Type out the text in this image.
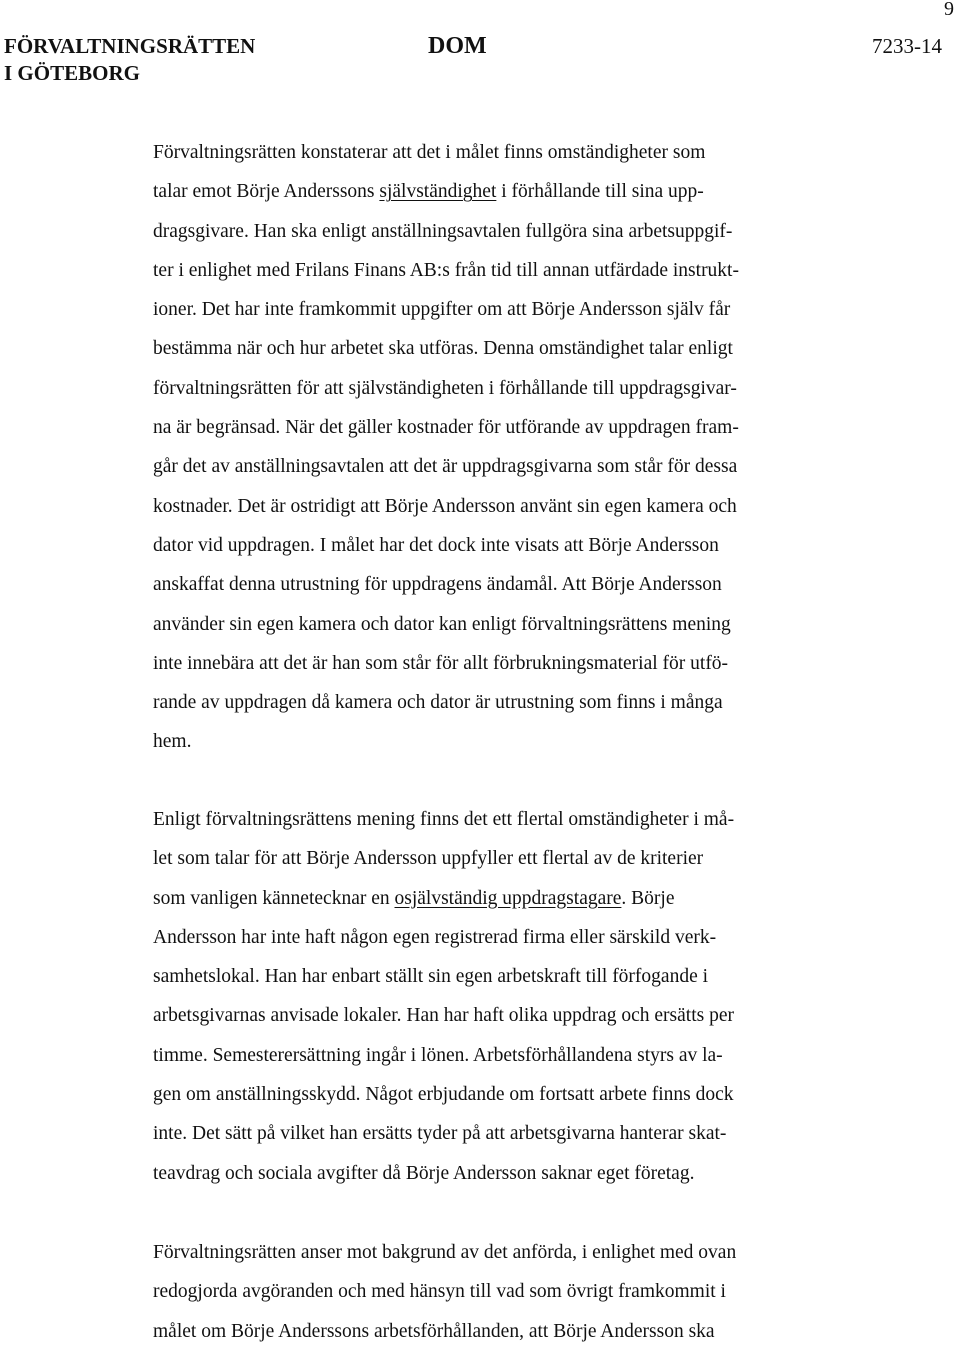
9
FÖRVALTNINGSRÄTTEN
I GÖTEBORG
DOM	7233-14
Förvaltningsrätten konstaterar att det i målet finns omständigheter som
talar emot Börje Anderssons självständighet i förhållande till sina upp-
dragsgivare. Han ska enligt anställningsavtalen fullgöra sina arbetsuppgif-
ter i enlighet med Frilans Finans AB:s från tid till annan utfärdade instrukt-
ioner. Det har inte framkommit uppgifter om att Börje Andersson själv får
bestämma när och hur arbetet ska utföras. Denna omständighet talar enligt
förvaltningsrätten för att självständigheten i förhållande till uppdragsgivar-
na är begränsad. När det gäller kostnader för utförande av uppdragen fram-
går det av anställningsavtalen att det är uppdragsgivarna som står för dessa
kostnader. Det är ostridigt att Börje Andersson använt sin egen kamera och
dator vid uppdragen. I målet har det dock inte visats att Börje Andersson
anskaffat denna utrustning för uppdragens ändamål. Att Börje Andersson
använder sin egen kamera och dator kan enligt förvaltningsrättens mening
inte innebära att det är han som står för allt förbrukningsmaterial för utfö-
rande av uppdragen då kamera och dator är utrustning som finns i många
hem.
Enligt förvaltningsrättens mening finns det ett flertal omständigheter i må-
let som talar för att Börje Andersson uppfyller ett flertal av de kriterier
som vanligen kännetecknar en osjälvständig uppdragstagare. Börje
Andersson har inte haft någon egen registrerad firma eller särskild verk-
samhetslokal. Han har enbart ställt sin egen arbetskraft till förfogande i
arbetsgivarnas anvisade lokaler. Han har haft olika uppdrag och ersätts per
timme. Semesterersättning ingår i lönen. Arbetsförhållandena styrs av la-
gen om anställningsskydd. Något erbjudande om fortsatt arbete finns dock
inte. Det sätt på vilket han ersätts tyder på att arbetsgivarna hanterar skat-
teavdrag och sociala avgifter då Börje Andersson saknar eget företag.
Förvaltningsrätten anser mot bakgrund av det anförda, i enlighet med ovan
redogjorda avgöranden och med hänsyn till vad som övrigt framkommit i
målet om Börje Anderssons arbetsförhållanden, att Börje Andersson ska
